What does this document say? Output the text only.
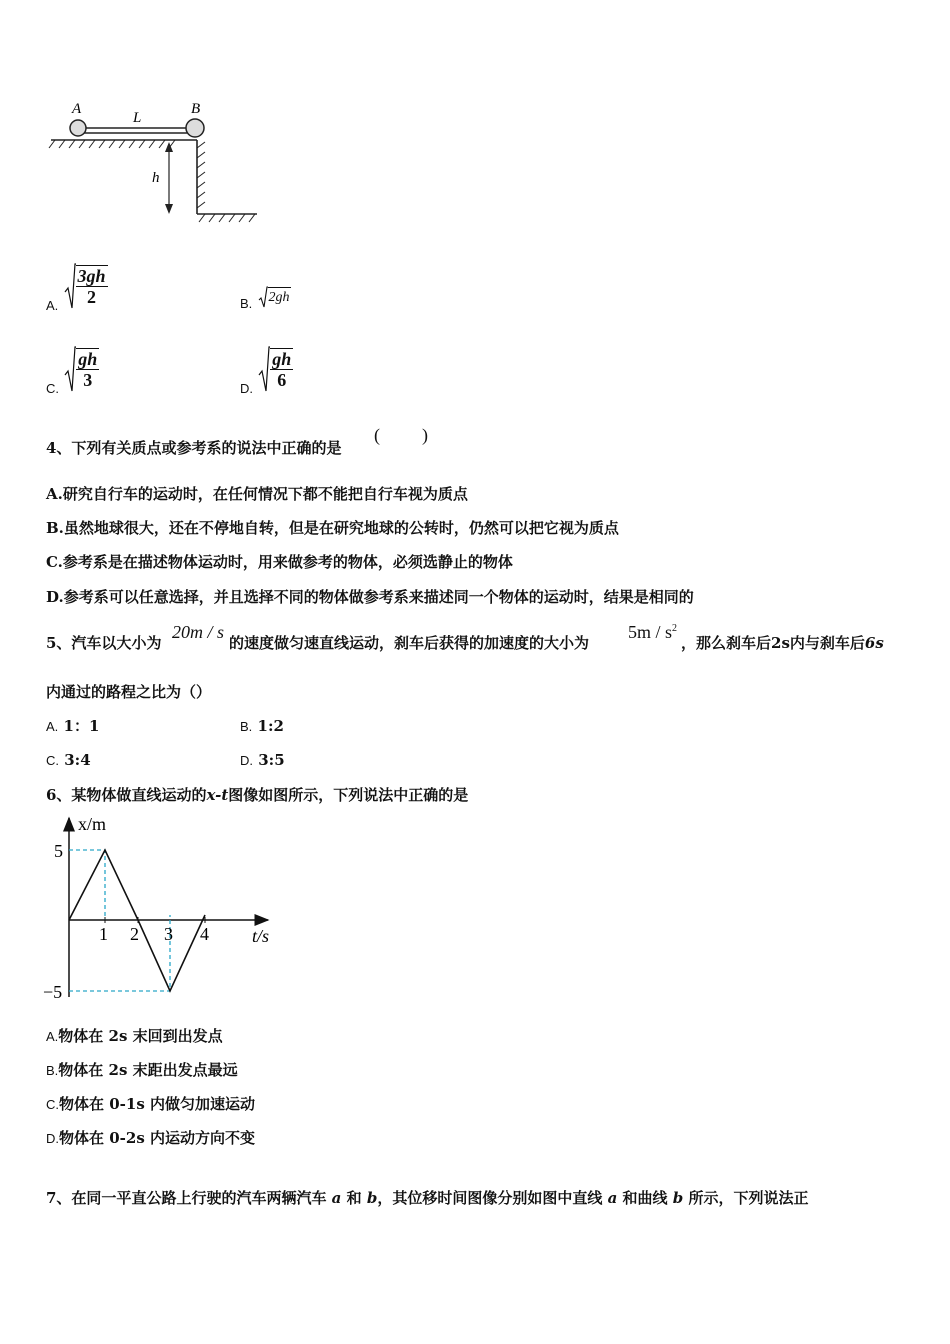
A
L
B
h
A. $\frac{3gh}{2}$	B. 2gh
C. $\frac{gh}{3}$	D. $\frac{gh}{6}$
4、下列有关质点或参考系的说法中正确的是
( )
A.研究自行车的运动时，在任何情况下都不能把自行车视为质点
B.虽然地球很大，还在不停地自转，但是在研究地球的公转时，仍然可以把它视为质点
C.参考系是在描述物体运动时，用来做参考的物体，必须选静止的物体
D.参考系可以任意选择，并且选择不同的物体做参考系来描述同一个物体的运动时，结果是相同的
5、汽车以大小为
20m / s
的速度做匀速直线运动，刹车后获得的加速度的大小为
$5m / s^2$
，那么刹车后2s内与刹车后6s
内通过的路程之比为（）
A. 1：1	B. 1:2
C. 3:4	D. 3:5
6、某物体做直线运动的x-t图像如图所示，下列说法中正确的是
x/m
5
−5
1 2 3 4 t/s
A.物体在 2s 末回到出发点
B.物体在 2s 末距出发点最远
C.物体在 0-1s 内做匀加速运动
D.物体在 0-2s 内运动方向不变
7、在同一平直公路上行驶的汽车两辆汽车 a 和 b，其位移时间图像分别如图中直线 a 和曲线 b 所示，下列说法正
